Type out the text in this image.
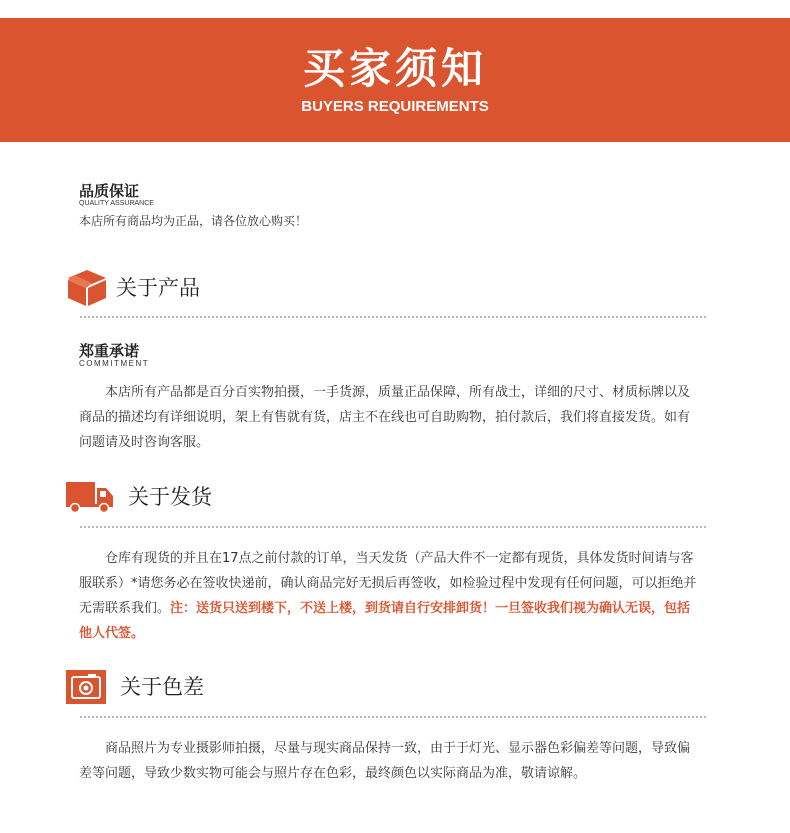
买家须知
BUYERS REQUIREMENTS
品质保证
QUALITY ASSURANCE
本店所有商品均为正品，请各位放心购买！
关于产品
郑重承诺
COMMITMENT
　　本店所有产品都是百分百实物拍摄，一手货源，质量正品保障，所有战士，详细的尺寸、材质标牌以及商品的描述均有详细说明，架上有售就有货，店主不在线也可自助购物，拍付款后，我们将直接发货。如有问题请及时咨询客服。
关于发货
　　仓库有现货的并且在17点之前付款的订单，当天发货（产品大件不一定都有现货，具体发货时间请与客服联系）*请您务必在签收快递前，确认商品完好无损后再签收，如检验过程中发现有任何问题，可以拒绝并无需联系我们。注：送货只送到楼下，不送上楼，到货请自行安排卸货！一旦签收我们视为确认无误，包括他人代签。
关于色差
　　商品照片为专业摄影师拍摄，尽量与现实商品保持一致，由于于灯光、显示器色彩偏差等问题，导致偏差等问题，导致少数实物可能会与照片存在色彩，最终颜色以实际商品为准，敬请谅解。
